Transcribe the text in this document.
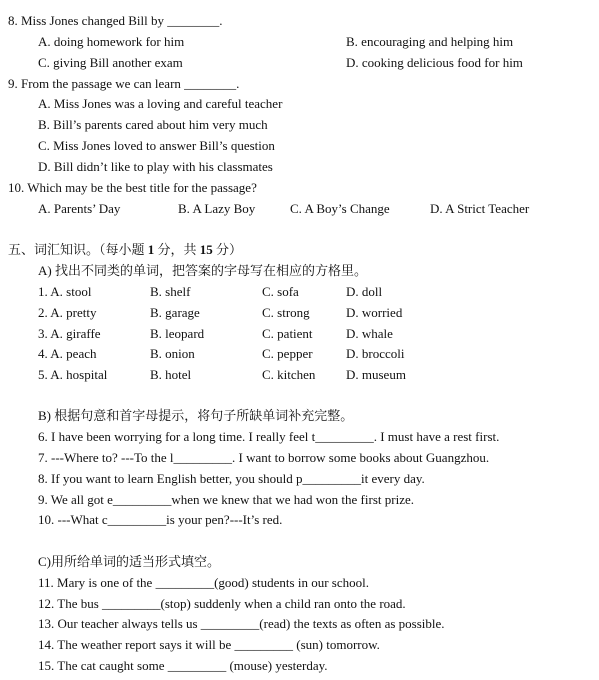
8. Miss Jones changed Bill by ________.
A. doing homework for him	B. encouraging and helping him
C. giving Bill another exam	D. cooking delicious food for him
9. From the passage we can learn ________.
A. Miss Jones was a loving and careful teacher
B. Bill’s parents cared about him very much
C. Miss Jones loved to answer Bill’s question
D. Bill didn’t like to play with his classmates
10. Which may be the best title for the passage?
A. Parents’ Day	B. A Lazy Boy	C. A Boy’s Change	D. A Strict Teacher
五、词汇知识。（每小题 1 分，共 15 分）
A) 找出不同类的单词，把答案的字母写在相应的方格里。
1. A. stool	B. shelf	C. sofa	D. doll
2. A. pretty	B. garage	C. strong	D. worried
3. A. giraffe	B. leopard	C. patient	D. whale
4. A. peach	B. onion	C. pepper	D. broccoli
5. A. hospital	B. hotel	C. kitchen D. museum
B) 根据句意和首字母提示，将句子所缺单词补充完整。
6. I have been worrying for a long time. I really feel t_________. I must have a rest first.
7. ---Where to? ---To the l_________. I want to borrow some books about Guangzhou.
8. If you want to learn English better, you should p_________it every day.
9. We all got e_________when we knew that we had won the first prize.
10. ---What c_________is your pen?---It’s red.
C)用所给单词的适当形式填空。
11. Mary is one of the _________(good) students in our school.
12. The bus _________(stop) suddenly when a child ran onto the road.
13. Our teacher always tells us _________(read) the texts as often as possible.
14. The weather report says it will be _________ (sun) tomorrow.
15. The cat caught some _________ (mouse) yesterday.
